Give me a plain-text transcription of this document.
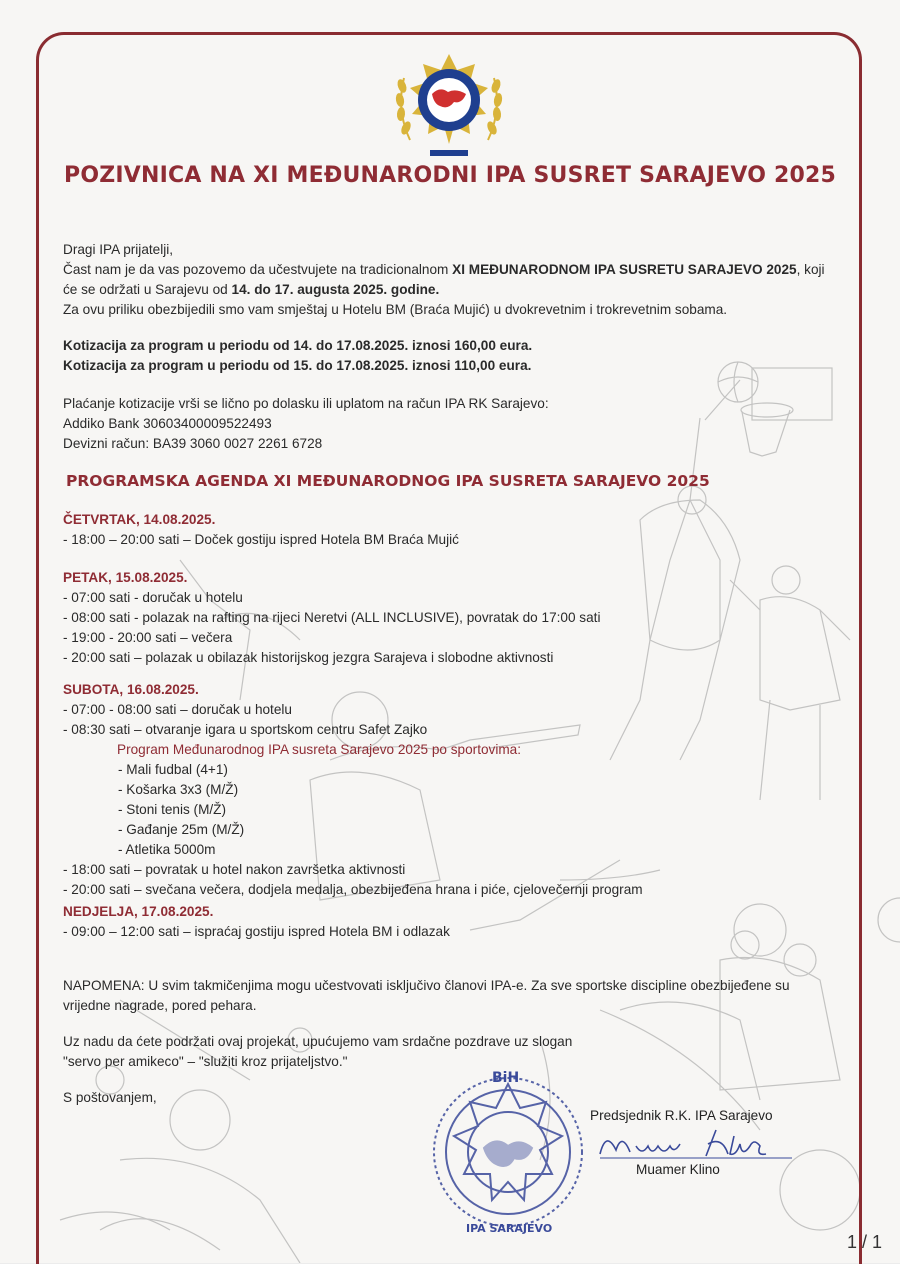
POZIVNICA NA XI MEĐUNARODNI IPA SUSRET SARAJEVO 2025

Dragi IPA prijatelji,

Čast nam je da vas pozovemo da učestvujete na tradicionalnom XI MEĐUNARODNOM IPA SUSRETU SARAJEVO 2025, koji će se održati u Sarajevu od 14. do 17. augusta 2025. godine.

Za ovu priliku obezbijedili smo vam smještaj u Hotelu BM (Braća Mujić) u dvokrevetnim i trokrevetnim sobama.

Kotizacija za program u periodu od 14. do 17.08.2025. iznosi 160,00 eura.

Kotizacija za program u periodu od 15. do 17.08.2025. iznosi 110,00 eura.

Plaćanje kotizacije vrši se lično po dolasku ili uplatom na račun IPA RK Sarajevo:

Addiko Bank 30603400009522493

Devizni račun: BA39 3060 0027 2261 6728

PROGRAMSKA AGENDA XI MEĐUNARODNOG IPA SUSRETA SARAJEVO 2025

ČETVRTAK, 14.08.2025.

- 18:00 – 20:00 sati – Doček gostiju ispred Hotela BM Braća Mujić

PETAK, 15.08.2025.

- 07:00 sati - doručak u hotelu

- 08:00 sati - polazak na rafting na rijeci Neretvi (ALL INCLUSIVE), povratak do 17:00 sati

- 19:00 - 20:00 sati – večera

- 20:00 sati – polazak u obilazak historijskog jezgra Sarajeva i slobodne aktivnosti

SUBOTA, 16.08.2025.

- 07:00 - 08:00 sati – doručak u hotelu

- 08:30 sati – otvaranje igara u sportskom centru Safet Zajko

Program Međunarodnog IPA susreta Sarajevo 2025 po sportovima:

- Mali fudbal (4+1)

- Košarka 3x3 (M/Ž)

- Stoni tenis (M/Ž)

- Gađanje 25m (M/Ž)

- Atletika 5000m

- 18:00 sati – povratak u hotel nakon završetka aktivnosti

- 20:00 sati – svečana večera, dodjela medalja, obezbijeđena hrana i piće, cjelovečernji program

NEDJELJA, 17.08.2025.

- 09:00 – 12:00 sati – ispraćaj gostiju ispred Hotela BM i odlazak

NAPOMENA: U svim takmičenjima mogu učestvovati isključivo članovi IPA-e. Za sve sportske discipline obezbijeđene su vrijedne nagrade, pored pehara.

Uz nadu da ćete podržati ovaj projekat, upućujemo vam srdačne pozdrave uz slogan

"servo per amikeco" – "služiti kroz prijateljstvo."

S poštovanjem,
BiH
IPA SARAJEVO
Predsjednik R.K. IPA Sarajevo
Muamer Klino
1 / 1
